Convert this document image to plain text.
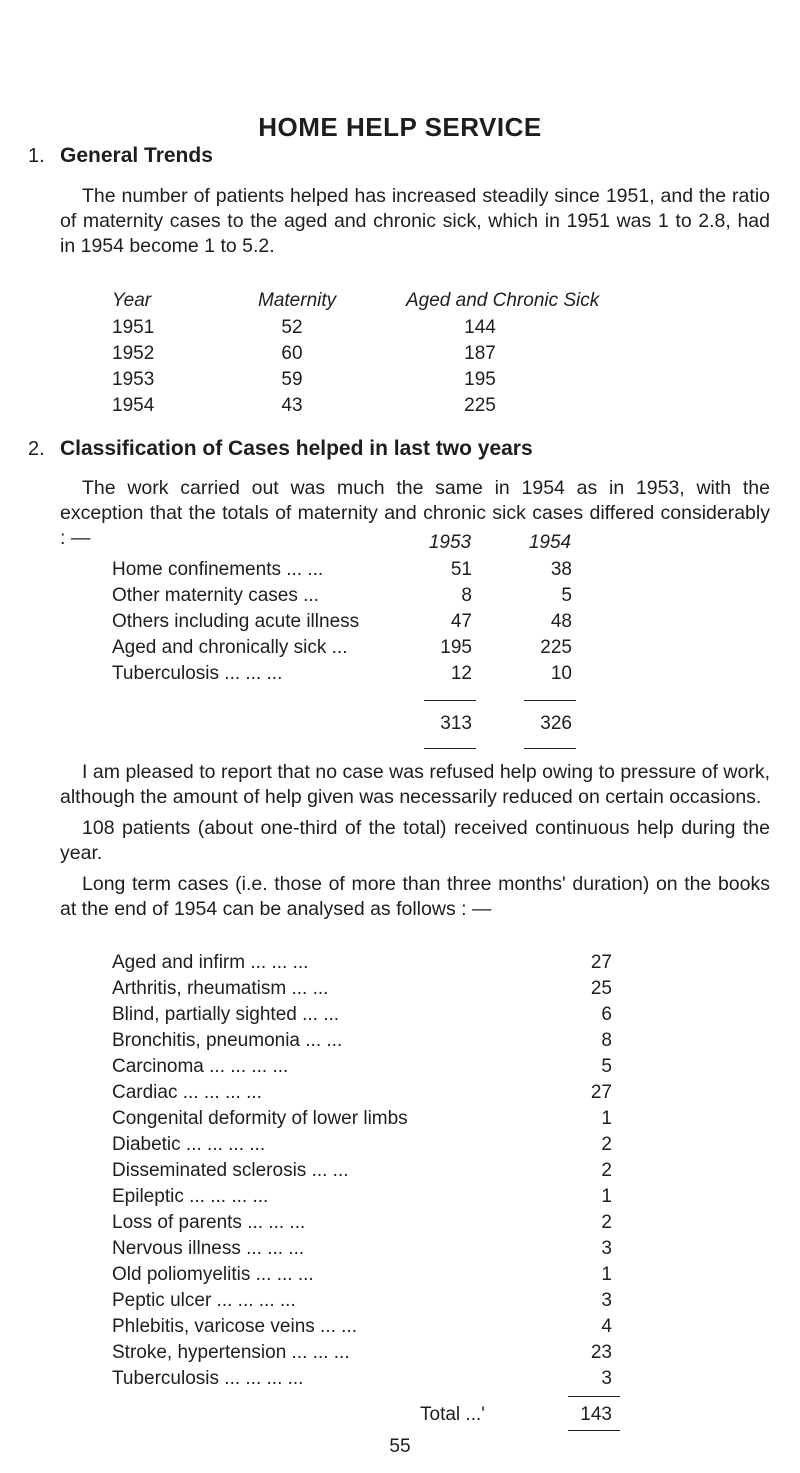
HOME HELP SERVICE
1. General Trends

The number of patients helped has increased steadily since 1951, and the ratio of maternity cases to the aged and chronic sick, which in 1951 was 1 to 2.8, had in 1954 become 1 to 5.2.

Year	Maternity	Aged and Chronic Sick
1951	52	144
1952	60	187
1953	59	195
1954	43	225
2. Classification of Cases helped in last two years

The work carried out was much the same in 1954 as in 1953, with the exception that the totals of maternity and chronic sick cases differed considerably : —	1953	1954
Home confinements ... ...	51	38
Other maternity cases ...	8	5
Others including acute illness	47	48
Aged and chronically sick ...	195	225
Tuberculosis ... ... ...	12	10
313	326

I am pleased to report that no case was refused help owing to pressure of work, although the amount of help given was necessarily reduced on certain occasions.

108 patients (about one-third of the total) received continuous help during the year.

Long term cases (i.e. those of more than three months' duration) on the books at the end of 1954 can be analysed as follows : —

Aged and infirm ... ... ...	27
Arthritis, rheumatism ... ...	25
Blind, partially sighted ... ...	6
Bronchitis, pneumonia ... ...	8
Carcinoma ... ... ... ...	5
Cardiac ... ... ... ...	27
Congenital deformity of lower limbs	1
Diabetic ... ... ... ...	2
Disseminated sclerosis ... ...	2
Epileptic ... ... ... ...	1
Loss of parents ... ... ...	2
Nervous illness ... ... ...	3
Old poliomyelitis ... ... ...	1
Peptic ulcer ... ... ... ...	3
Phlebitis, varicose veins ... ...	4
Stroke, hypertension ... ... ...	23
Tuberculosis ... ... ... ...	3
Total ...'	143
55
